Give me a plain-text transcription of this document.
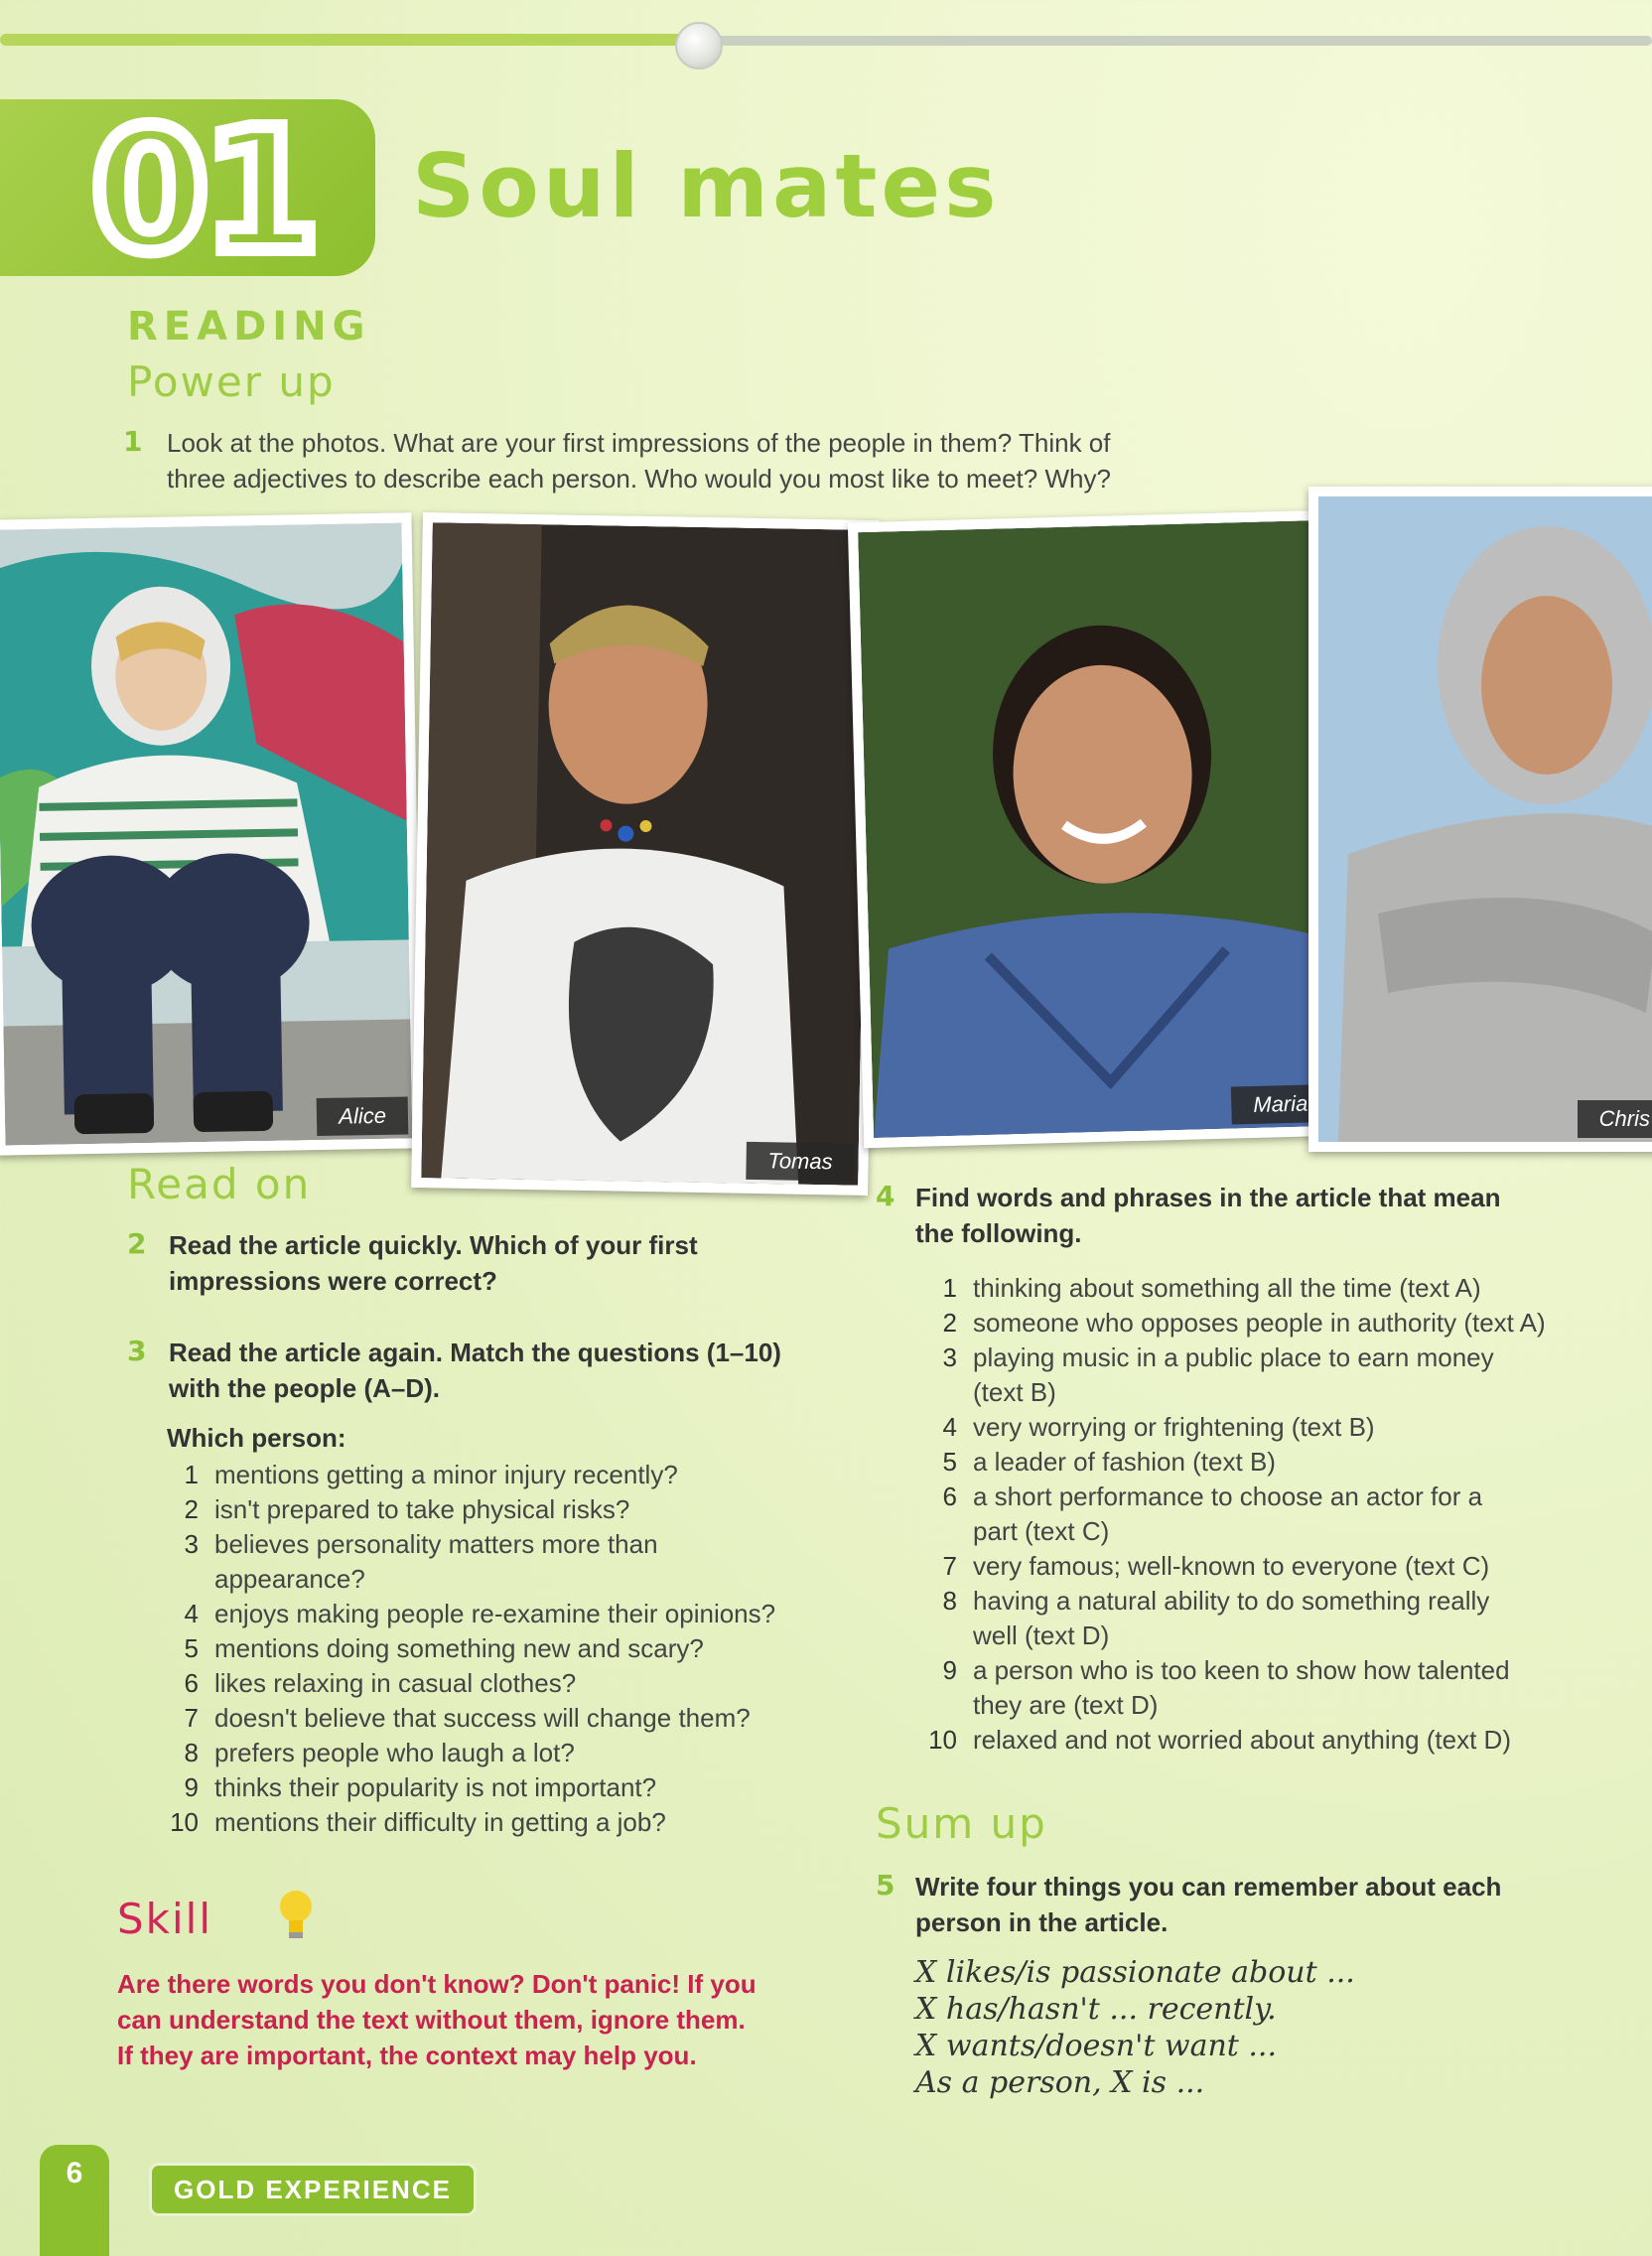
01 Soul mates
READING
Power up
1 Look at the photos. What are your first impressions of the people in them? Think of
three adjectives to describe each person. Who would you most like to meet? Why?
Alice
Tomas
Maria
Chris
Read on
2 Read the article quickly. Which of your first
impressions were correct?
3 Read the article again. Match the questions (1–10)
with the people (A–D).
Which person:
1 mentions getting a minor injury recently?
2 isn't prepared to take physical risks?
3 believes personality matters more than
appearance?
4 enjoys making people re-examine their opinions?
5 mentions doing something new and scary?
6 likes relaxing in casual clothes?
7 doesn't believe that success will change them?
8 prefers people who laugh a lot?
9 thinks their popularity is not important?
10 mentions their difficulty in getting a job?
Skill
Are there words you don't know? Don't panic! If you
can understand the text without them, ignore them.
If they are important, the context may help you.
4 Find words and phrases in the article that mean
the following.
1 thinking about something all the time (text A)
2 someone who opposes people in authority (text A)
3 playing music in a public place to earn money
(text B)
4 very worrying or frightening (text B)
5 a leader of fashion (text B)
6 a short performance to choose an actor for a
part (text C)
7 very famous; well-known to everyone (text C)
8 having a natural ability to do something really
well (text D)
9 a person who is too keen to show how talented
they are (text D)
10 relaxed and not worried about anything (text D)
Sum up
5 Write four things you can remember about each
person in the article.
X likes/is passionate about ...
X has/hasn't ... recently.
X wants/doesn't want ...
As a person, X is ...
6	GOLD EXPERIENCE
